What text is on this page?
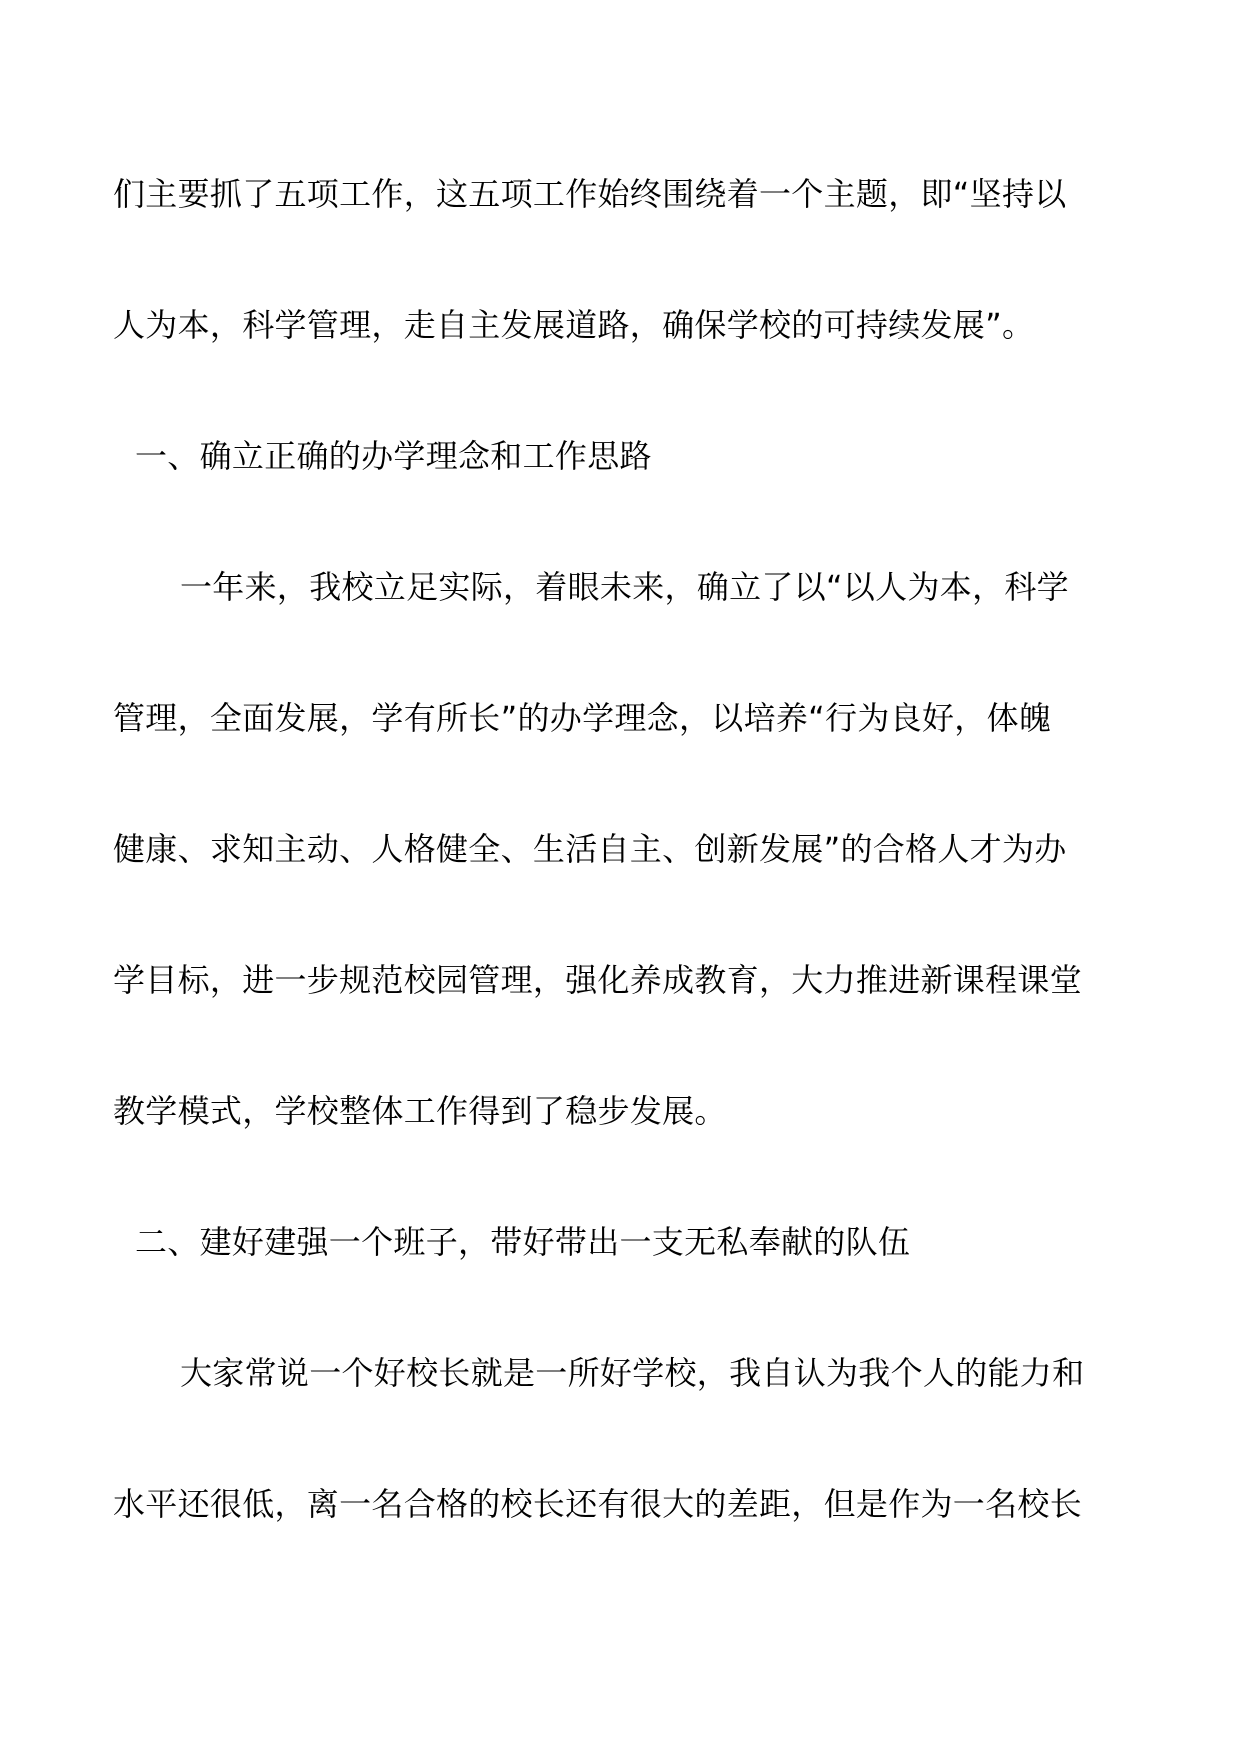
们主要抓了五项工作，这五项工作始终围绕着一个主题，即“坚持以
人为本，科学管理，走自主发展道路，确保学校的可持续发展”。
一、确立正确的办学理念和工作思路
一年来，我校立足实际，着眼未来，确立了以“以人为本，科学
管理，全面发展，学有所长”的办学理念，以培养“行为良好，体魄
健康、求知主动、人格健全、生活自主、创新发展”的合格人才为办
学目标，进一步规范校园管理，强化养成教育，大力推进新课程课堂
教学模式，学校整体工作得到了稳步发展。
二、建好建强一个班子，带好带出一支无私奉献的队伍
大家常说一个好校长就是一所好学校，我自认为我个人的能力和
水平还很低，离一名合格的校长还有很大的差距，但是作为一名校长
